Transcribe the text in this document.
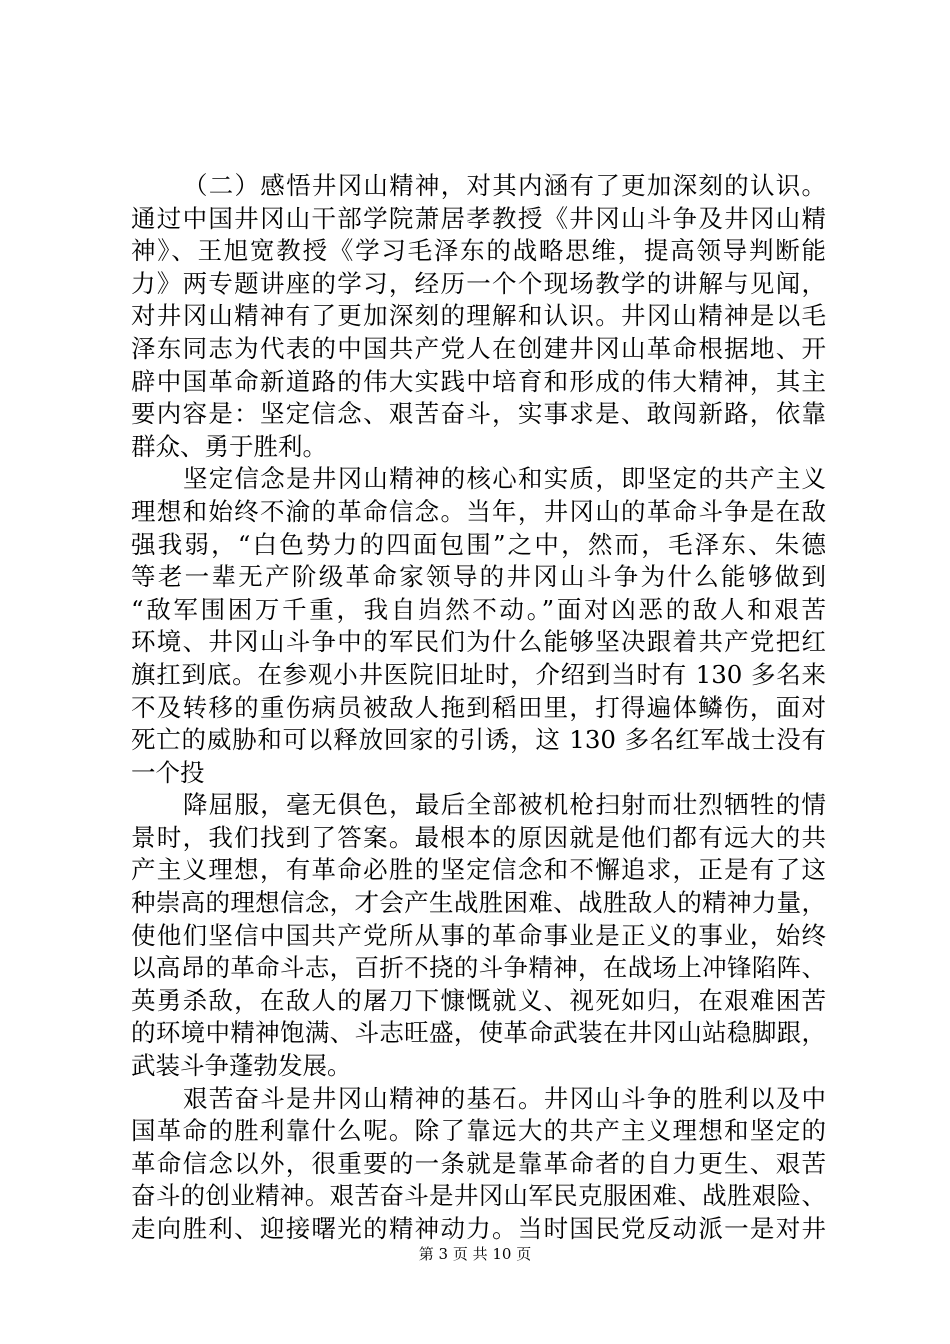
（二）感悟井冈山精神，对其内涵有了更加深刻的认识。
通过中国井冈山干部学院萧居孝教授《井冈山斗争及井冈山精
神》、王旭宽教授《学习毛泽东的战略思维，提高领导判断能
力》两专题讲座的学习，经历一个个现场教学的讲解与见闻，
对井冈山精神有了更加深刻的理解和认识。井冈山精神是以毛
泽东同志为代表的中国共产党人在创建井冈山革命根据地、开
辟中国革命新道路的伟大实践中培育和形成的伟大精神，其主
要内容是：坚定信念、艰苦奋斗，实事求是、敢闯新路，依靠
群众、勇于胜利。
坚定信念是井冈山精神的核心和实质，即坚定的共产主义
理想和始终不渝的革命信念。当年，井冈山的革命斗争是在敌
强我弱，“白色势力的四面包围”之中，然而，毛泽东、朱德
等老一辈无产阶级革命家领导的井冈山斗争为什么能够做到
“敌军围困万千重，我自岿然不动。”面对凶恶的敌人和艰苦
环境、井冈山斗争中的军民们为什么能够坚决跟着共产党把红
旗扛到底。在参观小井医院旧址时，介绍到当时有 130 多名来
不及转移的重伤病员被敌人拖到稻田里，打得遍体鳞伤，面对
死亡的威胁和可以释放回家的引诱，这 130 多名红军战士没有
一个投
降屈服，毫无俱色，最后全部被机枪扫射而壮烈牺牲的情
景时，我们找到了答案。最根本的原因就是他们都有远大的共
产主义理想，有革命必胜的坚定信念和不懈追求，正是有了这
种崇高的理想信念，才会产生战胜困难、战胜敌人的精神力量，
使他们坚信中国共产党所从事的革命事业是正义的事业，始终
以高昂的革命斗志，百折不挠的斗争精神，在战场上冲锋陷阵、
英勇杀敌，在敌人的屠刀下慷慨就义、视死如归，在艰难困苦
的环境中精神饱满、斗志旺盛，使革命武装在井冈山站稳脚跟，
武装斗争蓬勃发展。
艰苦奋斗是井冈山精神的基石。井冈山斗争的胜利以及中
国革命的胜利靠什么呢。除了靠远大的共产主义理想和坚定的
革命信念以外，很重要的一条就是靠革命者的自力更生、艰苦
奋斗的创业精神。艰苦奋斗是井冈山军民克服困难、战胜艰险、
走向胜利、迎接曙光的精神动力。当时国民党反动派一是对井
第 3 页 共 10 页
